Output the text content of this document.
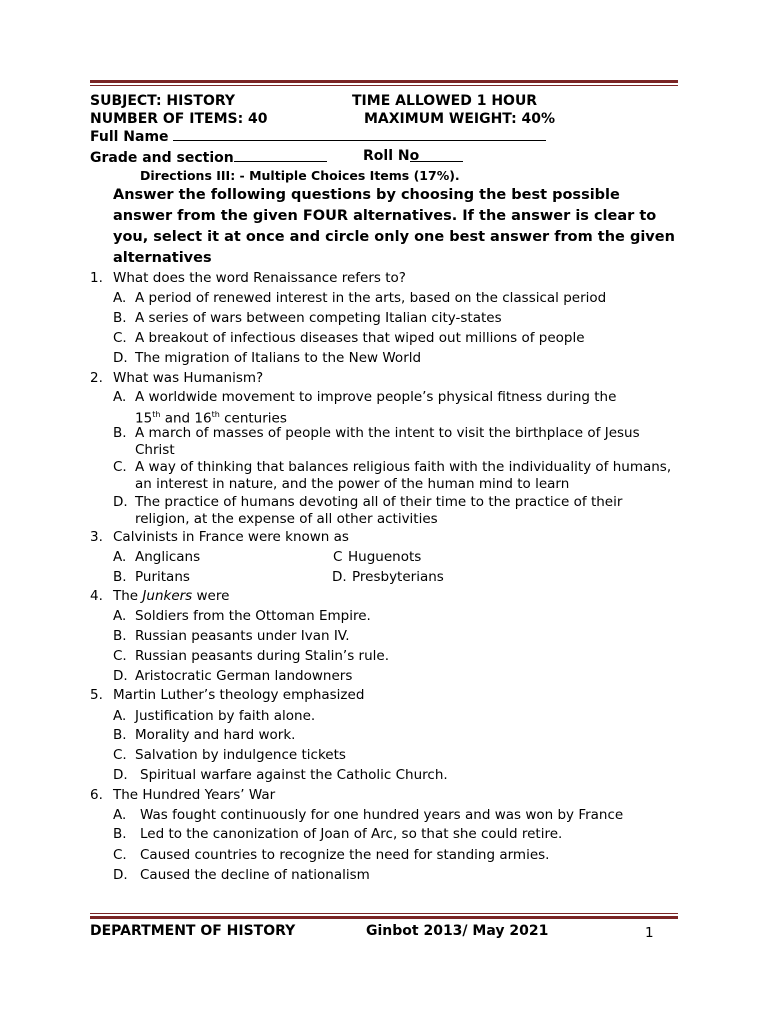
SUBJECT: HISTORY	TIME ALLOWED 1 HOUR
NUMBER OF ITEMS: 40	MAXIMUM WEIGHT: 40%
Full Name
Grade and section	Roll No
Directions III: - Multiple Choices Items (17%).
Answer the following questions by choosing the best possible answer from the given FOUR alternatives. If the answer is clear to you, select it at once and circle only one best answer from the given alternatives
1. What does the word Renaissance refers to?
A. A period of renewed interest in the arts, based on the classical period
B. A series of wars between competing Italian city-states
C. A breakout of infectious diseases that wiped out millions of people
D. The migration of Italians to the New World
2. What was Humanism?
A. A worldwide movement to improve people’s physical fitness during the
15th and 16th centuries
B. A march of masses of people with the intent to visit the birthplace of Jesus Christ
C. A way of thinking that balances religious faith with the individuality of humans, an interest in nature, and the power of the human mind to learn
D. The practice of humans devoting all of their time to the practice of their religion, at the expense of all other activities
3. Calvinists in France were known as
A. Anglicans	C Huguenots
B. Puritans	D. Presbyterians
4. The Junkers were
A. Soldiers from the Ottoman Empire.
B. Russian peasants under Ivan IV.
C. Russian peasants during Stalin’s rule.
D. Aristocratic German landowners
5. Martin Luther’s theology emphasized
A. Justification by faith alone.
B. Morality and hard work.
C. Salvation by indulgence tickets
D. Spiritual warfare against the Catholic Church.
6. The Hundred Years’ War
A. Was fought continuously for one hundred years and was won by France
B. Led to the canonization of Joan of Arc, so that she could retire.
C. Caused countries to recognize the need for standing armies.
D. Caused the decline of nationalism
DEPARTMENT OF HISTORY	Ginbot 2013/ May 2021	1
